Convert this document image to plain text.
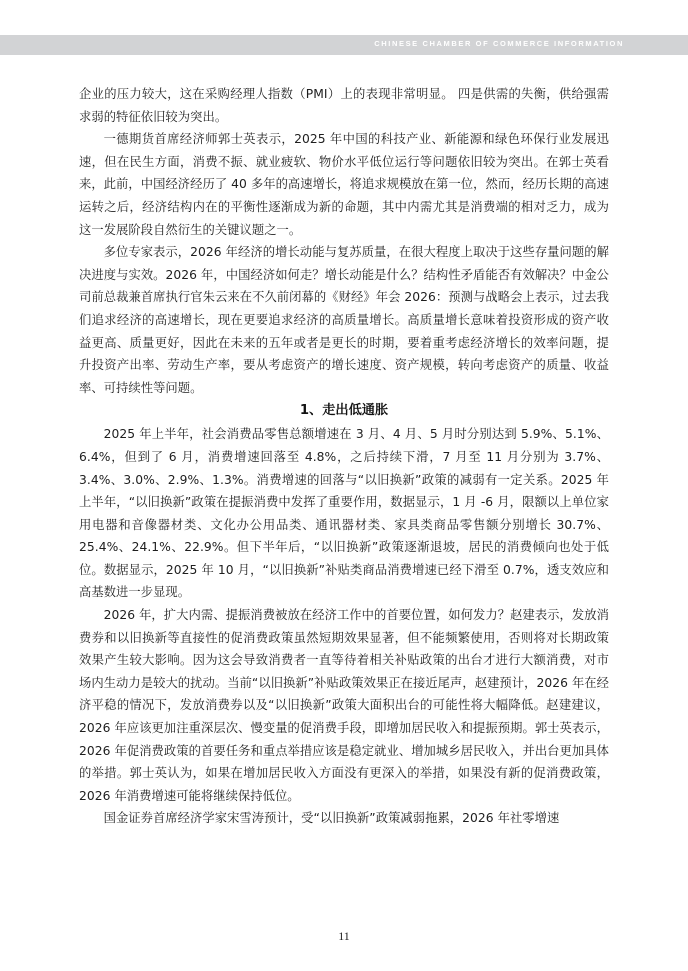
CHINESE CHAMBER OF COMMERCE INFORMATION

企业的压力较大，这在采购经理人指数（PMI）上的表现非常明显。 四是供需的失衡，供给强需求弱的特征依旧较为突出。

一德期货首席经济师郭士英表示，2025 年中国的科技产业、新能源和绿色环保行业发展迅速，但在民生方面，消费不振、就业疲软、物价水平低位运行等问题依旧较为突出。在郭士英看来，此前，中国经济经历了 40 多年的高速增长，将追求规模放在第一位，然而，经历长期的高速运转之后，经济结构内在的平衡性逐渐成为新的命题，其中内需尤其是消费端的相对乏力，成为这一发展阶段自然衍生的关键议题之一。

多位专家表示，2026 年经济的增长动能与复苏质量，在很大程度上取决于这些存量问题的解决进度与实效。2026 年，中国经济如何走？增长动能是什么？结构性矛盾能否有效解决？中金公司前总裁兼首席执行官朱云来在不久前闭幕的《财经》年会 2026：预测与战略会上表示，过去我们追求经济的高速增长，现在更要追求经济的高质量增长。高质量增长意味着投资形成的资产收益更高、质量更好，因此在未来的五年或者是更长的时期，要着重考虑经济增长的效率问题，提升投资产出率、劳动生产率，要从考虑资产的增长速度、资产规模，转向考虑资产的质量、收益率、可持续性等问题。

1、走出低通胀

2025 年上半年，社会消费品零售总额增速在 3 月、4 月、5 月时分别达到 5.9%、5.1%、6.4%，但到了 6 月，消费增速回落至 4.8%，之后持续下滑，7 月至 11 月分别为 3.7%、3.4%、3.0%、2.9%、1.3%。消费增速的回落与“以旧换新”政策的减弱有一定关系。2025 年上半年，“以旧换新”政策在提振消费中发挥了重要作用，数据显示，1 月 -6 月，限额以上单位家用电器和音像器材类、文化办公用品类、通讯器材类、家具类商品零售额分别增长 30.7%、25.4%、24.1%、22.9%。但下半年后，“以旧换新”政策逐渐退坡，居民的消费倾向也处于低位。数据显示，2025 年 10 月，“以旧换新”补贴类商品消费增速已经下滑至 0.7%，透支效应和高基数进一步显现。

2026 年，扩大内需、提振消费被放在经济工作中的首要位置，如何发力？赵建表示，发放消费券和以旧换新等直接性的促消费政策虽然短期效果显著，但不能频繁使用，否则将对长期政策效果产生较大影响。因为这会导致消费者一直等待着相关补贴政策的出台才进行大额消费，对市场内生动力是较大的扰动。当前“以旧换新”补贴政策效果正在接近尾声，赵建预计，2026 年在经济平稳的情况下，发放消费券以及“以旧换新”政策大面积出台的可能性将大幅降低。赵建建议，2026 年应该更加注重深层次、慢变量的促消费手段，即增加居民收入和提振预期。郭士英表示，2026 年促消费政策的首要任务和重点举措应该是稳定就业、增加城乡居民收入，并出台更加具体的举措。郭士英认为，如果在增加居民收入方面没有更深入的举措，如果没有新的促消费政策，2026 年消费增速可能将继续保持低位。

国金证券首席经济学家宋雪涛预计，受“以旧换新”政策减弱拖累，2026 年社零增速

11
